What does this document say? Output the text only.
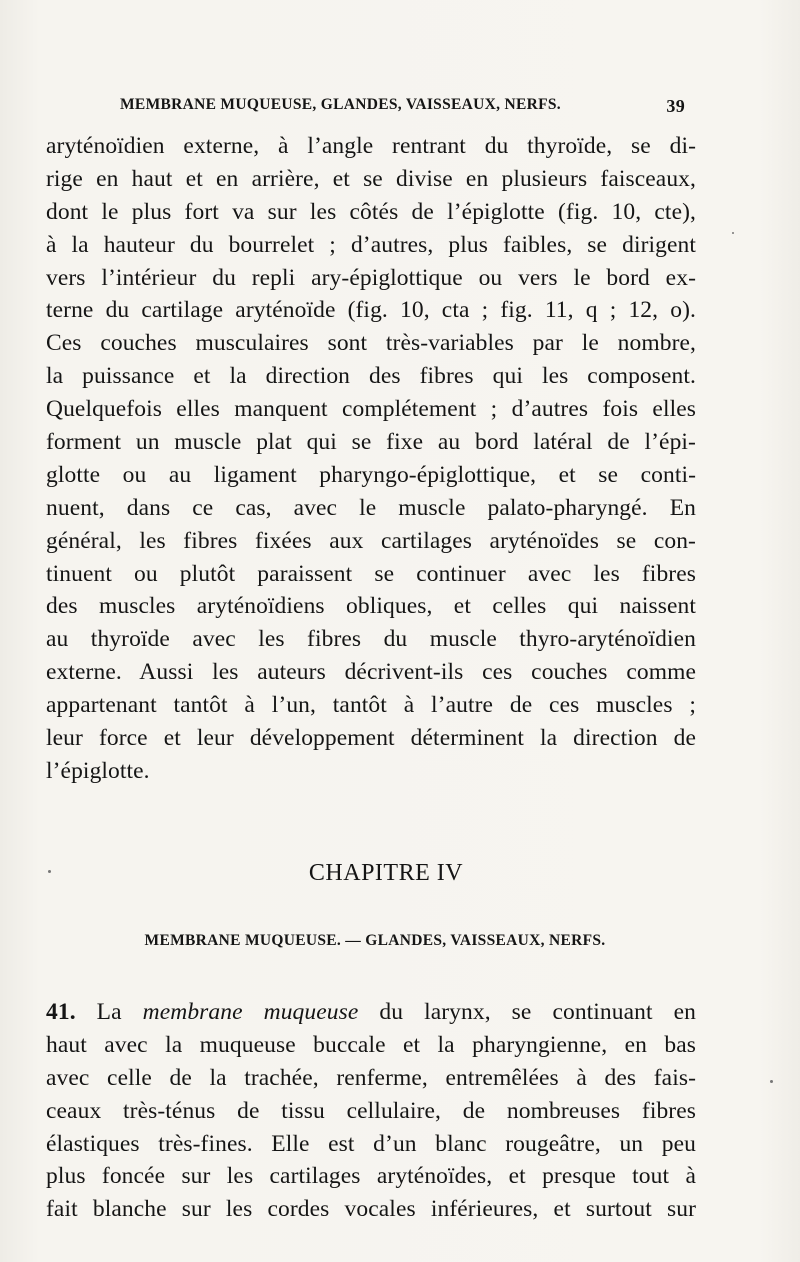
MEMBRANE MUQUEUSE, GLANDES, VAISSEAUX, NERFS.	39
aryténoïdien externe, à l’angle rentrant du thyroïde, se di-
rige en haut et en arrière, et se divise en plusieurs faisceaux,
dont le plus fort va sur les côtés de l’épiglotte (fig. 10, cte),
à la hauteur du bourrelet ; d’autres, plus faibles, se dirigent
vers l’intérieur du repli ary-épiglottique ou vers le bord ex-
terne du cartilage aryténoïde (fig. 10, cta ; fig. 11, q ; 12, o).
Ces couches musculaires sont très-variables par le nombre,
la puissance et la direction des fibres qui les composent.
Quelquefois elles manquent complétement ; d’autres fois elles
forment un muscle plat qui se fixe au bord latéral de l’épi-
glotte ou au ligament pharyngo-épiglottique, et se conti-
nuent, dans ce cas, avec le muscle palato-pharyngé. En
général, les fibres fixées aux cartilages aryténoïdes se con-
tinuent ou plutôt paraissent se continuer avec les fibres
des muscles aryténoïdiens obliques, et celles qui naissent
au thyroïde avec les fibres du muscle thyro-aryténoïdien
externe. Aussi les auteurs décrivent-ils ces couches comme
appartenant tantôt à l’un, tantôt à l’autre de ces muscles ;
leur force et leur développement déterminent la direction de
l’épiglotte.
CHAPITRE IV
MEMBRANE MUQUEUSE. — GLANDES, VAISSEAUX, NERFS.
41. La membrane muqueuse du larynx, se continuant en
haut avec la muqueuse buccale et la pharyngienne, en bas
avec celle de la trachée, renferme, entremêlées à des fais-
ceaux très-ténus de tissu cellulaire, de nombreuses fibres
élastiques très-fines. Elle est d’un blanc rougeâtre, un peu
plus foncée sur les cartilages aryténoïdes, et presque tout à
fait blanche sur les cordes vocales inférieures, et surtout sur
